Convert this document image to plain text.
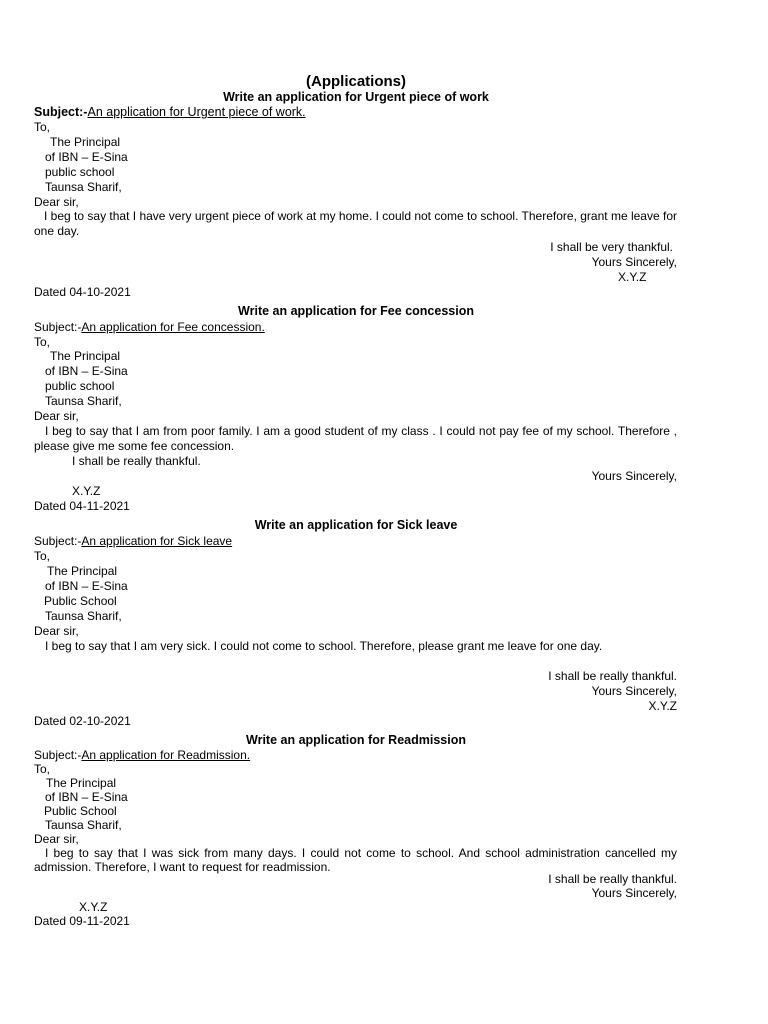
(Applications)
Write an application for Urgent piece of work
Subject:-An application for Urgent piece of work.
To,
The Principal
of IBN – E-Sina
public school
Taunsa Sharif,
Dear sir,
I beg to say that I have very urgent piece of work at my home. I could not come to school. Therefore, grant me leave for one day.
I shall be very thankful.
Yours Sincerely,
X.Y.Z
Dated 04-10-2021
Write an application for Fee concession
Subject:-An application for Fee concession.
To,
The Principal
of IBN – E-Sina
public school
Taunsa Sharif,
Dear sir,
I beg to say that I am from poor family. I am a good student of my class . I could not pay fee of my school. Therefore , please give me some fee concession.
I shall be really thankful.
Yours Sincerely,
X.Y.Z
Dated 04-11-2021
Write an application for Sick leave
Subject:-An application for Sick leave
To,
The Principal
of IBN – E-Sina
Public School
Taunsa Sharif,
Dear sir,
I beg to say that I am very sick. I could not come to school. Therefore, please grant me leave for one day.
I shall be really thankful.
Yours Sincerely,
X.Y.Z
Dated 02-10-2021
Write an application for Readmission
Subject:-An application for Readmission.
To,
The Principal
of IBN – E-Sina
Public School
Taunsa Sharif,
Dear sir,
I beg to say that I was sick from many days. I could not come to school. And school administration cancelled my admission. Therefore, I want to request for readmission.
I shall be really thankful.
Yours Sincerely,
X.Y.Z
Dated 09-11-2021
